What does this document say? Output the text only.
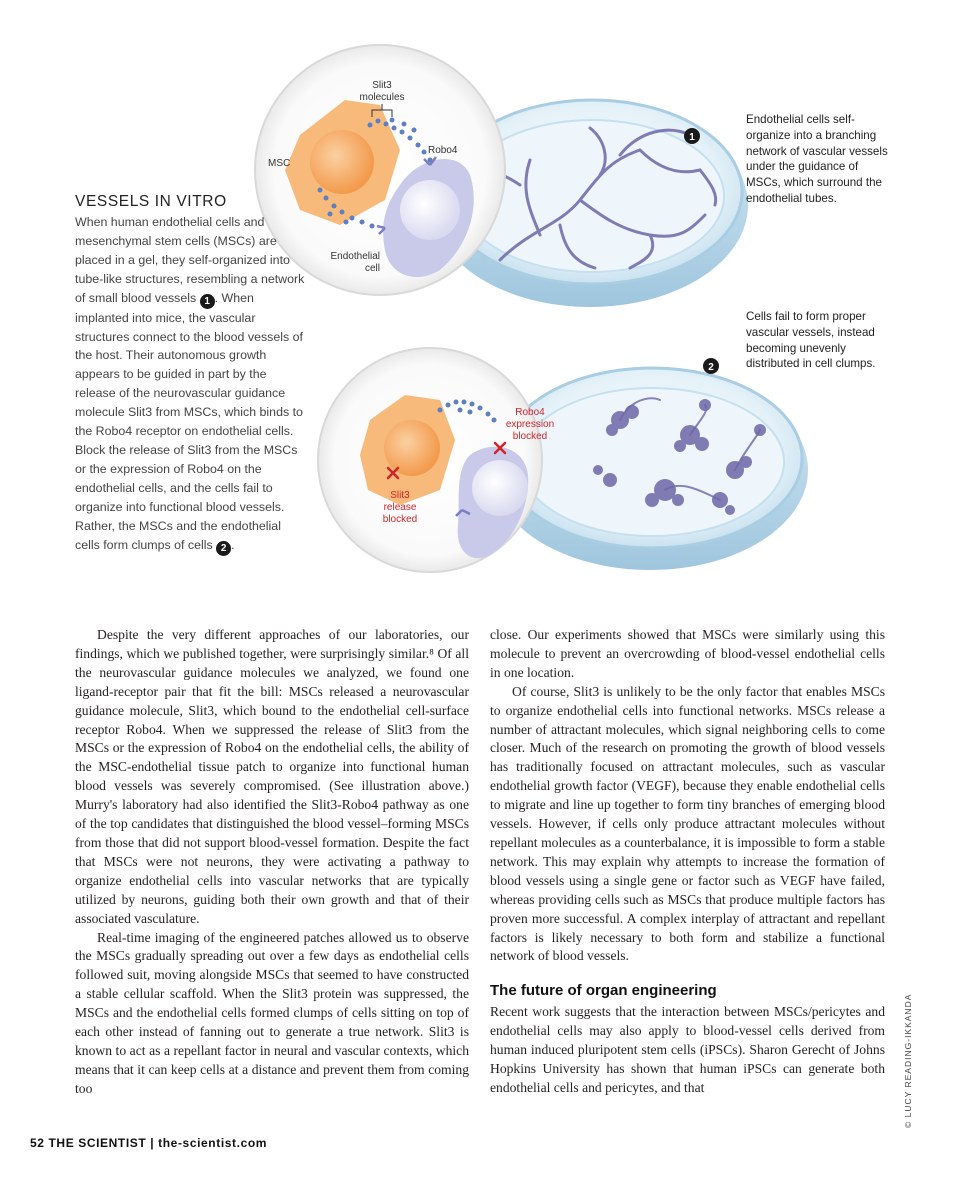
1
2
Slit3
molecules
MSC
Robo4
Endothelial
cell
Robo4
expression
blocked
Slit3
release
blocked
Endothelial cells self-organize into a branching network of vascular vessels under the guidance of MSCs, which surround the endothelial tubes.
Cells fail to form proper vascular vessels, instead becoming unevenly distributed in cell clumps.
VESSELS IN VITRO
When human endothelial cells and mesenchymal stem cells (MSCs) are placed in a gel, they self-organized into tube-like structures, resembling a network of small blood vessels 1 . When implanted into mice, the vascular structures connect to the blood vessels of the host. Their autonomous growth appears to be guided in part by the release of the neurovascular guidance molecule Slit3 from MSCs, which binds to the Robo4 receptor on endothelial cells. Block the release of Slit3 from the MSCs or the expression of Robo4 on the endothelial cells, and the cells fail to organize into functional blood vessels. Rather, the MSCs and the endothelial cells form clumps of cells 2 .

Despite the very different approaches of our laboratories, our findings, which we published together, were surprisingly similar.⁸ Of all the neurovascular guidance molecules we analyzed, we found one ligand-receptor pair that fit the bill: MSCs released a neurovascular guidance molecule, Slit3, which bound to the endothelial cell-surface receptor Robo4. When we suppressed the release of Slit3 from the MSCs or the expression of Robo4 on the endothelial cells, the ability of the MSC-endothelial tissue patch to organize into functional human blood vessels was severely compromised. (See illustration above.) Murry's laboratory had also identified the Slit3-Robo4 pathway as one of the top candidates that distinguished the blood vessel–forming MSCs from those that did not support blood-vessel formation. Despite the fact that MSCs were not neurons, they were activating a pathway to organize endothelial cells into vascular networks that are typically utilized by neurons, guiding both their own growth and that of their associated vasculature.

Real-time imaging of the engineered patches allowed us to observe the MSCs gradually spreading out over a few days as endothelial cells followed suit, moving alongside MSCs that seemed to have constructed a stable cellular scaffold. When the Slit3 protein was suppressed, the MSCs and the endothelial cells formed clumps of cells sitting on top of each other instead of fanning out to generate a true network. Slit3 is known to act as a repellant factor in neural and vascular contexts, which means that it can keep cells at a distance and prevent them from coming too

close. Our experiments showed that MSCs were similarly using this molecule to prevent an overcrowding of blood-vessel endothelial cells in one location.

Of course, Slit3 is unlikely to be the only factor that enables MSCs to organize endothelial cells into functional networks. MSCs release a number of attractant molecules, which signal neighboring cells to come closer. Much of the research on promoting the growth of blood vessels has traditionally focused on attractant molecules, such as vascular endothelial growth factor (VEGF), because they enable endothelial cells to migrate and line up together to form tiny branches of emerging blood vessels. However, if cells only produce attractant molecules without repellant molecules as a counterbalance, it is impossible to form a stable network. This may explain why attempts to increase the formation of blood vessels using a single gene or factor such as VEGF have failed, whereas providing cells such as MSCs that produce multiple factors has proven more successful. A complex interplay of attractant and repellant factors is likely necessary to both form and stabilize a functional network of blood vessels.

The future of organ engineering

Recent work suggests that the interaction between MSCs/pericytes and endothelial cells may also apply to blood-vessel cells derived from human induced pluripotent stem cells (iPSCs). Sharon Gerecht of Johns Hopkins University has shown that human iPSCs can generate both endothelial cells and pericytes, and that

52 THE SCIENTIST | the-scientist.com
© LUCY READING-IKKANDA
